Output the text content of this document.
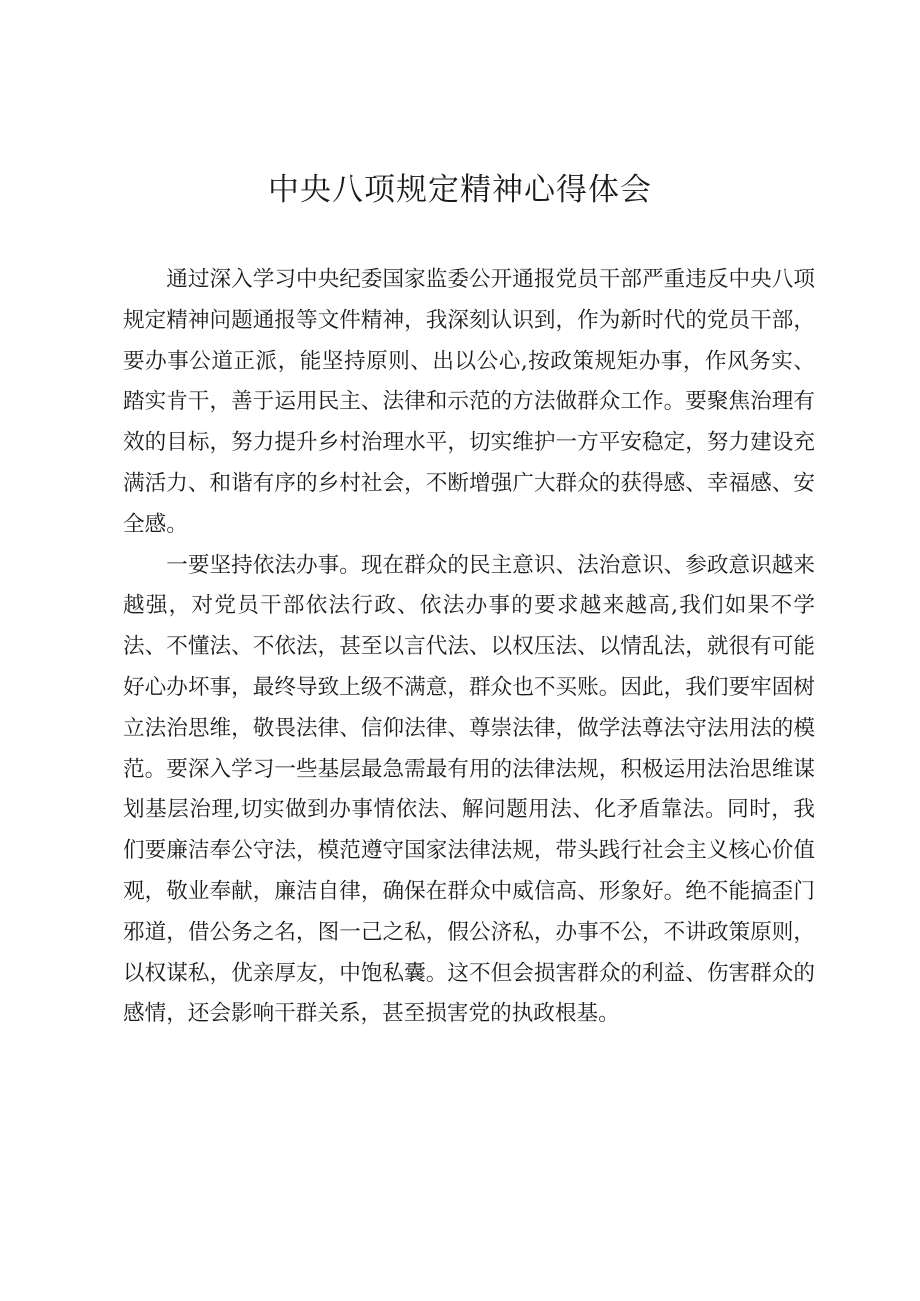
中央八项规定精神心得体会

通过深入学习中央纪委国家监委公开通报党员干部严重违反中央八项规定精神问题通报等文件精神，我深刻认识到，作为新时代的党员干部，要办事公道正派，能坚持原则、出以公心,按政策规矩办事，作风务实、踏实肯干，善于运用民主、法律和示范的方法做群众工作。要聚焦治理有效的目标，努力提升乡村治理水平，切实维护一方平安稳定，努力建设充满活力、和谐有序的乡村社会，不断增强广大群众的获得感、幸福感、安全感。

一要坚持依法办事。现在群众的民主意识、法治意识、参政意识越来越强，对党员干部依法行政、依法办事的要求越来越高,我们如果不学法、不懂法、不依法，甚至以言代法、以权压法、以情乱法，就很有可能好心办坏事，最终导致上级不满意，群众也不买账。因此，我们要牢固树立法治思维，敬畏法律、信仰法律、尊崇法律，做学法尊法守法用法的模范。要深入学习一些基层最急需最有用的法律法规，积极运用法治思维谋划基层治理,切实做到办事情依法、解问题用法、化矛盾靠法。同时，我们要廉洁奉公守法，模范遵守国家法律法规，带头践行社会主义核心价值观，敬业奉献，廉洁自律，确保在群众中威信高、形象好。绝不能搞歪门邪道，借公务之名，图一己之私，假公济私，办事不公，不讲政策原则，以权谋私，优亲厚友，中饱私囊。这不但会损害群众的利益、伤害群众的感情，还会影响干群关系，甚至损害党的执政根基。
